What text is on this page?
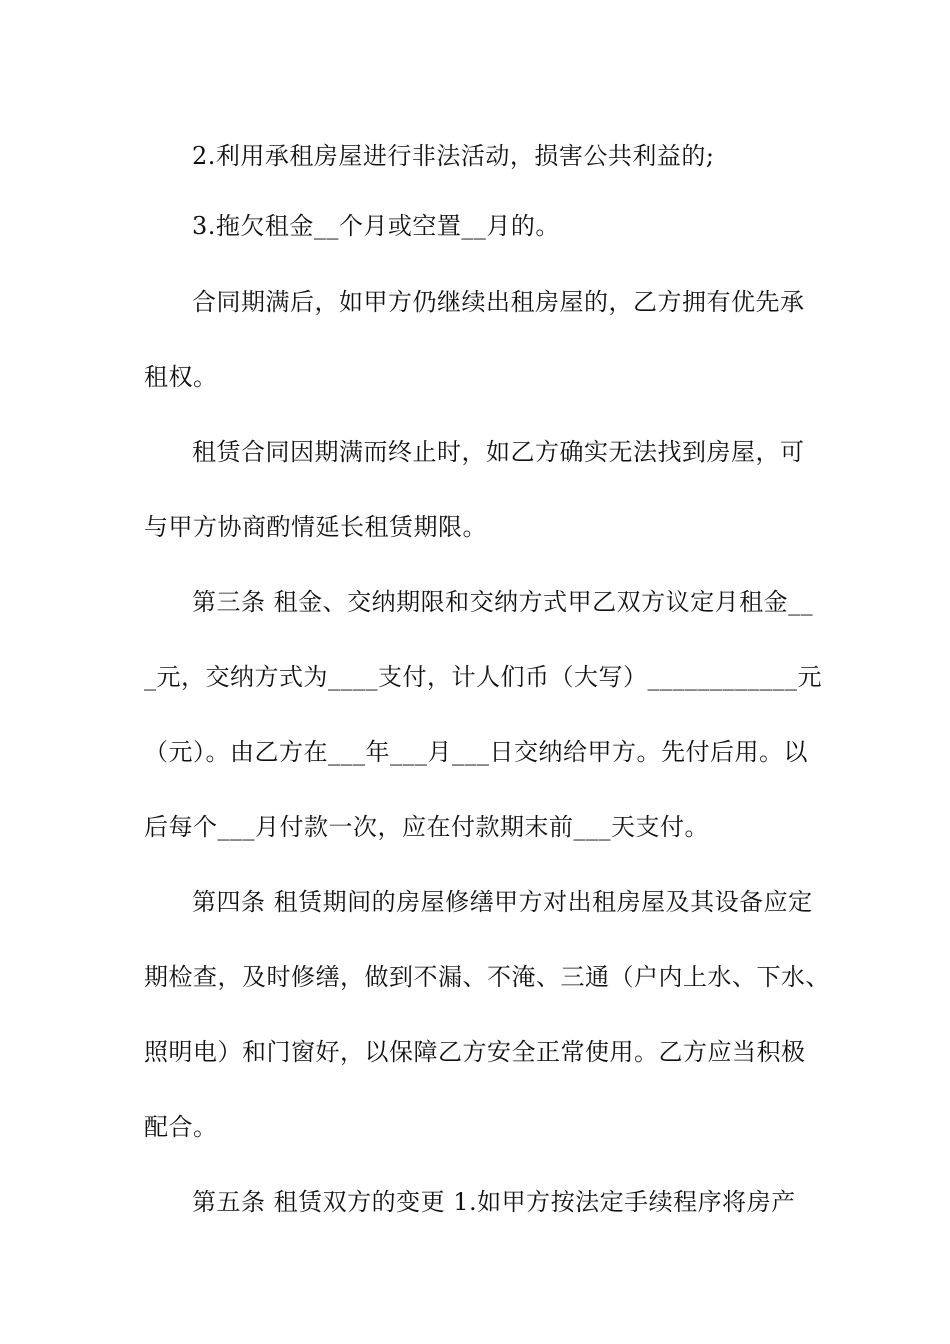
2.利用承租房屋进行非法活动，损害公共利益的;
3.拖欠租金__个月或空置__月的。
合同期满后，如甲方仍继续出租房屋的，乙方拥有优先承
租权。
租赁合同因期满而终止时，如乙方确实无法找到房屋，可
与甲方协商酌情延长租赁期限。
第三条 租金、交纳期限和交纳方式甲乙双方议定月租金__
_元，交纳方式为____支付，计人们币（大写）____________元
（元）。由乙方在___年___月___日交纳给甲方。先付后用。以
后每个___月付款一次，应在付款期末前___天支付。
第四条 租赁期间的房屋修缮甲方对出租房屋及其设备应定
期检查，及时修缮，做到不漏、不淹、三通（户内上水、下水、
照明电）和门窗好，以保障乙方安全正常使用。乙方应当积极
配合。
第五条 租赁双方的变更 1.如甲方按法定手续程序将房产
